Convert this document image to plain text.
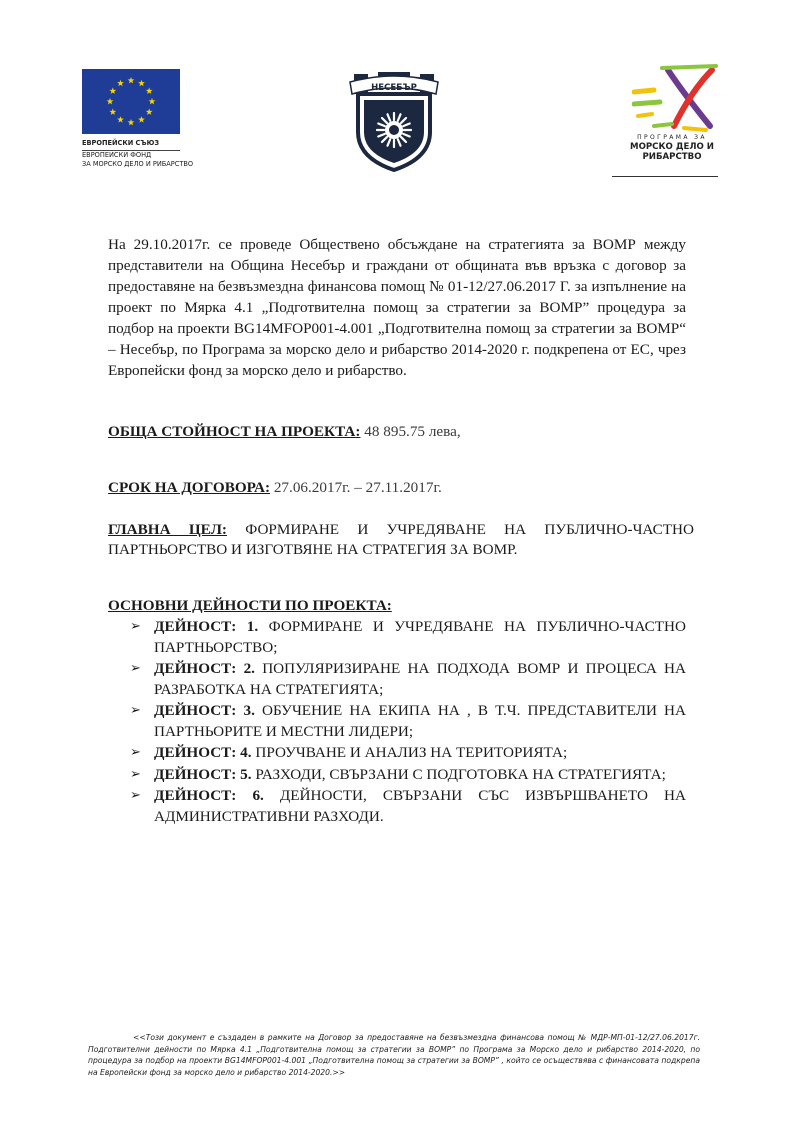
ЕВРОПЕЙСКИ СЪЮЗ
ЕВРОПЕЙСКИ ФОНД
ЗА МОРСКО ДЕЛО И РИБАРСТВО
НЕСЕБЪР
ПРОГРАМА ЗА
МОРСКО ДЕЛО И
РИБАРСТВО

На 29.10.2017г. се проведе Обществено обсъждане на стратегията за ВОМР между представители на Община Несебър и граждани от общината във връзка с договор за предоставяне на безвъзмездна финансова помощ № 01-12/27.06.2017 Г. за изпълнение на проект по Мярка 4.1 „Подготвителна помощ за стратегии за ВОМР” процедура за подбор на проекти BG14MFOP001-4.001 „Подготвителна помощ за стратегии за ВОМР“ – Несебър, по Програма за морско дело и рибарство 2014-2020 г. подкрепена от ЕС, чрез Европейски фонд за морско дело и рибарство.

ОБЩА СТОЙНОСТ НА ПРОЕКТА: 48 895.75 лева,
СРОК НА ДОГОВОРА: 27.06.2017г. – 27.11.2017г.

ГЛАВНА ЦЕЛ: ФОРМИРАНЕ И УЧРЕДЯВАНЕ НА ПУБЛИЧНО-ЧАСТНО ПАРТНЬОРСТВО И ИЗГОТВЯНЕ НА СТРАТЕГИЯ ЗА ВОМР.

ОСНОВНИ ДЕЙНОСТИ ПО ПРОЕКТА:
➢ ДЕЙНОСТ: 1. ФОРМИРАНЕ И УЧРЕДЯВАНЕ НА ПУБЛИЧНО-ЧАСТНО ПАРТНЬОРСТВО;
➢ ДЕЙНОСТ: 2. ПОПУЛЯРИЗИРАНЕ НА ПОДХОДА ВОМР И ПРОЦЕСА НА РАЗРАБОТКА НА СТРАТЕГИЯТА;
➢ ДЕЙНОСТ: 3. ОБУЧЕНИЕ НА ЕКИПА НА , В Т.Ч. ПРЕДСТАВИТЕЛИ НА ПАРТНЬОРИТЕ И МЕСТНИ ЛИДЕРИ;
➢ ДЕЙНОСТ: 4. ПРОУЧВАНЕ И АНАЛИЗ НА ТЕРИТОРИЯТА;
➢ ДЕЙНОСТ: 5. РАЗХОДИ, СВЪРЗАНИ С ПОДГОТОВКА НА СТРАТЕГИЯТА;
➢ ДЕЙНОСТ: 6. ДЕЙНОСТИ, СВЪРЗАНИ СЪС ИЗВЪРШВАНЕТО НА АДМИНИСТРАТИВНИ РАЗХОДИ.

<<Този документ е създаден в рамките на Договор за предоставяне на безвъзмездна финансова помощ № МДР-МП-01-12/27.06.2017г. Подготвителни дейности по Мярка 4.1 „Подготвителна помощ за стратегии за ВОМР” по Програма за Морско дело и рибарство 2014-2020, по процедура за подбор на проекти BG14MFOP001-4.001 „Подготвителна помощ за стратегии за ВОМР” , който се осъществява с финансовата подкрепа на Европейски фонд за морско дело и рибарство 2014-2020.>>
